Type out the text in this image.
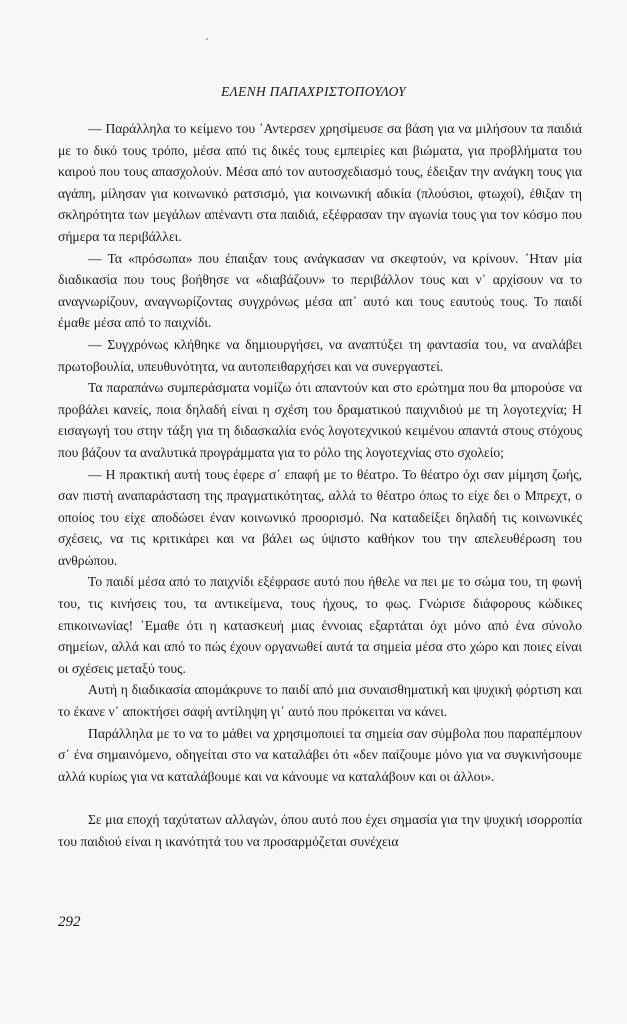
ΕΛΕΝΗ ΠΑΠΑΧΡΙΣΤΟΠΟΥΛΟΥ

— Παράλληλα το κείμενο του ᾽Αντερσεν χρησίμευσε σα βάση για να μιλήσουν τα παιδιά με το δικό τους τρόπο, μέσα από τις δικές τους εμπειρίες και βιώματα, για προβλήματα του καιρού που τους απασχολούν. Μέσα από τον αυτοσχεδιασμό τους, έδειξαν την ανάγκη τους για αγάπη, μίλησαν για κοινωνικό ρατσισμό, για κοινωνική αδικία (πλούσιοι, φτωχοί), έθιξαν τη σκληρότητα των μεγάλων απέναντι στα παιδιά, εξέφρασαν την αγωνία τους για τον κόσμο που σήμερα τα περιβάλλει.

— Τα «πρόσωπα» που έπαιξαν τους ανάγκασαν να σκεφτούν, να κρίνουν. ᾽Ηταν μία διαδικασία που τους βοήθησε να «διαβάζουν» το περιβάλλον τους και ν᾽ αρχίσουν να το αναγνωρίζουν, αναγνωρίζοντας συγχρόνως μέσα απ᾽ αυτό και τους εαυτούς τους. Το παιδί έμαθε μέσα από το παιχνίδι.

— Συγχρόνως κλήθηκε να δημιουργήσει, να αναπτύξει τη φαντασία του, να αναλάβει πρωτοβουλία, υπευθυνότητα, να αυτοπειθαρχήσει και να συνεργαστεί.

Τα παραπάνω συμπεράσματα νομίζω ότι απαντούν και στο ερώτημα που θα μπορούσε να προβάλει κανείς, ποια δηλαδή είναι η σχέση του δραματικού παιχνιδιού με τη λογοτεχνία; Η εισαγωγή του στην τάξη για τη διδασκαλία ενός λογοτεχνικού κειμένου απαντά στους στόχους που βάζουν τα αναλυτικά προγράμματα για το ρόλο της λογοτεχνίας στο σχολείο;

— Η πρακτική αυτή τους έφερε σ᾽ επαφή με το θέατρο. Το θέατρο όχι σαν μίμηση ζωής, σαν πιστή αναπαράσταση της πραγματικότητας, αλλά το θέατρο όπως το είχε δει ο Μπρεχτ, ο οποίος του είχε αποδώσει έναν κοινωνικό προορισμό. Να καταδείξει δηλαδή τις κοινωνικές σχέσεις, να τις κριτικάρει και να βάλει ως ύψιστο καθήκον του την απελευθέρωση του ανθρώπου.

Το παιδί μέσα από το παιχνίδι εξέφρασε αυτό που ήθελε να πει με το σώμα του, τη φωνή του, τις κινήσεις του, τα αντικείμενα, τους ήχους, το φως. Γνώρισε διάφορους κώδικες επικοινωνίας! ᾽Εμαθε ότι η κατασκευή μιας έννοιας εξαρτάται όχι μόνο από ένα σύνολο σημείων, αλλά και από το πώς έχουν οργανωθεί αυτά τα σημεία μέσα στο χώρο και ποιες είναι οι σχέσεις μεταξύ τους.

Αυτή η διαδικασία απομάκρυνε το παιδί από μια συναισθηματική και ψυχική φόρτιση και το έκανε ν᾽ αποκτήσει σαφή αντίληψη γι᾽ αυτό που πρόκειται να κάνει.

Παράλληλα με το να το μάθει να χρησιμοποιεί τα σημεία σαν σύμβολα που παραπέμπουν σ᾽ ένα σημαινόμενο, οδηγείται στο να καταλάβει ότι «δεν παίζουμε μόνο για να συγκινήσουμε αλλά κυρίως για να καταλάβουμε και να κάνουμε να καταλάβουν και οι άλλοι».

Σε μια εποχή ταχύτατων αλλαγών, όπου αυτό που έχει σημασία για την ψυχική ισορροπία του παιδιού είναι η ικανότητά του να προσαρμόζεται συνέχεια

292
